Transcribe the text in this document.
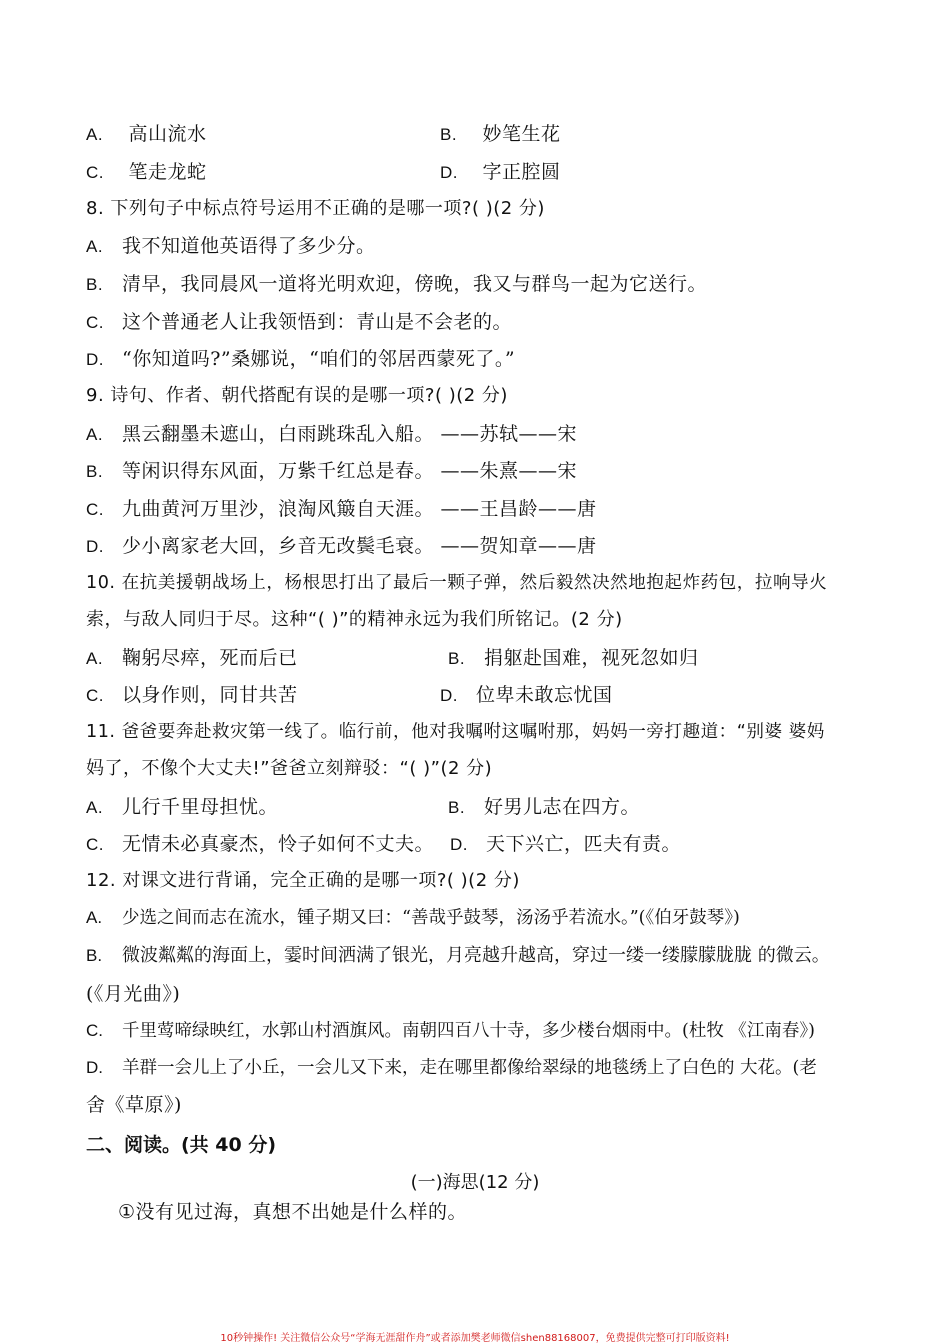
A. 高山流水	B. 妙笔生花
C. 笔走龙蛇	D. 字正腔圆
8. 下列句子中标点符号运用不正确的是哪一项?( )(2 分)
A. 我不知道他英语得了多少分。
B. 清早，我同晨风一道将光明欢迎，傍晚，我又与群鸟一起为它送行。
C. 这个普通老人让我领悟到：青山是不会老的。
D. “你知道吗?”桑娜说，“咱们的邻居西蒙死了。”
9. 诗句、作者、朝代搭配有误的是哪一项?( )(2 分)
A. 黑云翻墨未遮山，白雨跳珠乱入船。 ——苏轼——宋
B. 等闲识得东风面，万紫千红总是春。 ——朱熹——宋
C. 九曲黄河万里沙，浪淘风簸自天涯。 ——王昌龄——唐
D. 少小离家老大回，乡音无改鬓毛衰。 ——贺知章——唐
10. 在抗美援朝战场上，杨根思打出了最后一颗子弹，然后毅然决然地抱起炸药包，拉响导火
索，与敌人同归于尽。这种“( )”的精神永远为我们所铭记。(2 分)
A. 鞠躬尽瘁，死而后已	B. 捐躯赴国难，视死忽如归
C. 以身作则，同甘共苦	D. 位卑未敢忘忧国
11. 爸爸要奔赴救灾第一线了。临行前，他对我嘱咐这嘱咐那，妈妈一旁打趣道：“别婆 婆妈
妈了，不像个大丈夫!”爸爸立刻辩驳：“( )”(2 分)
A. 儿行千里母担忧。	B. 好男儿志在四方。
C. 无情未必真豪杰，怜子如何不丈夫。 D. 天下兴亡，匹夫有责。
12. 对课文进行背诵，完全正确的是哪一项?( )(2 分)
A. 少选之间而志在流水，锺子期又曰：“善哉乎鼓琴，汤汤乎若流水。”(《伯牙鼓琴》)
B. 微波粼粼的海面上，霎时间洒满了银光，月亮越升越高，穿过一缕一缕朦朦胧胧 的微云。
(《月光曲》)
C. 千里莺啼绿映红，水郭山村酒旗风。南朝四百八十寺，多少楼台烟雨中。(杜牧 《江南春》)
D. 羊群一会儿上了小丘，一会儿又下来，走在哪里都像给翠绿的地毯绣上了白色的 大花。(老
舍《草原》)
二、阅读。(共 40 分)
(一)海思(12 分)
①没有见过海，真想不出她是什么样的。
10秒钟操作! 关注微信公众号“学海无涯甜作舟”或者添加樊老师微信shen88168007，免费提供完整可打印版资料!
